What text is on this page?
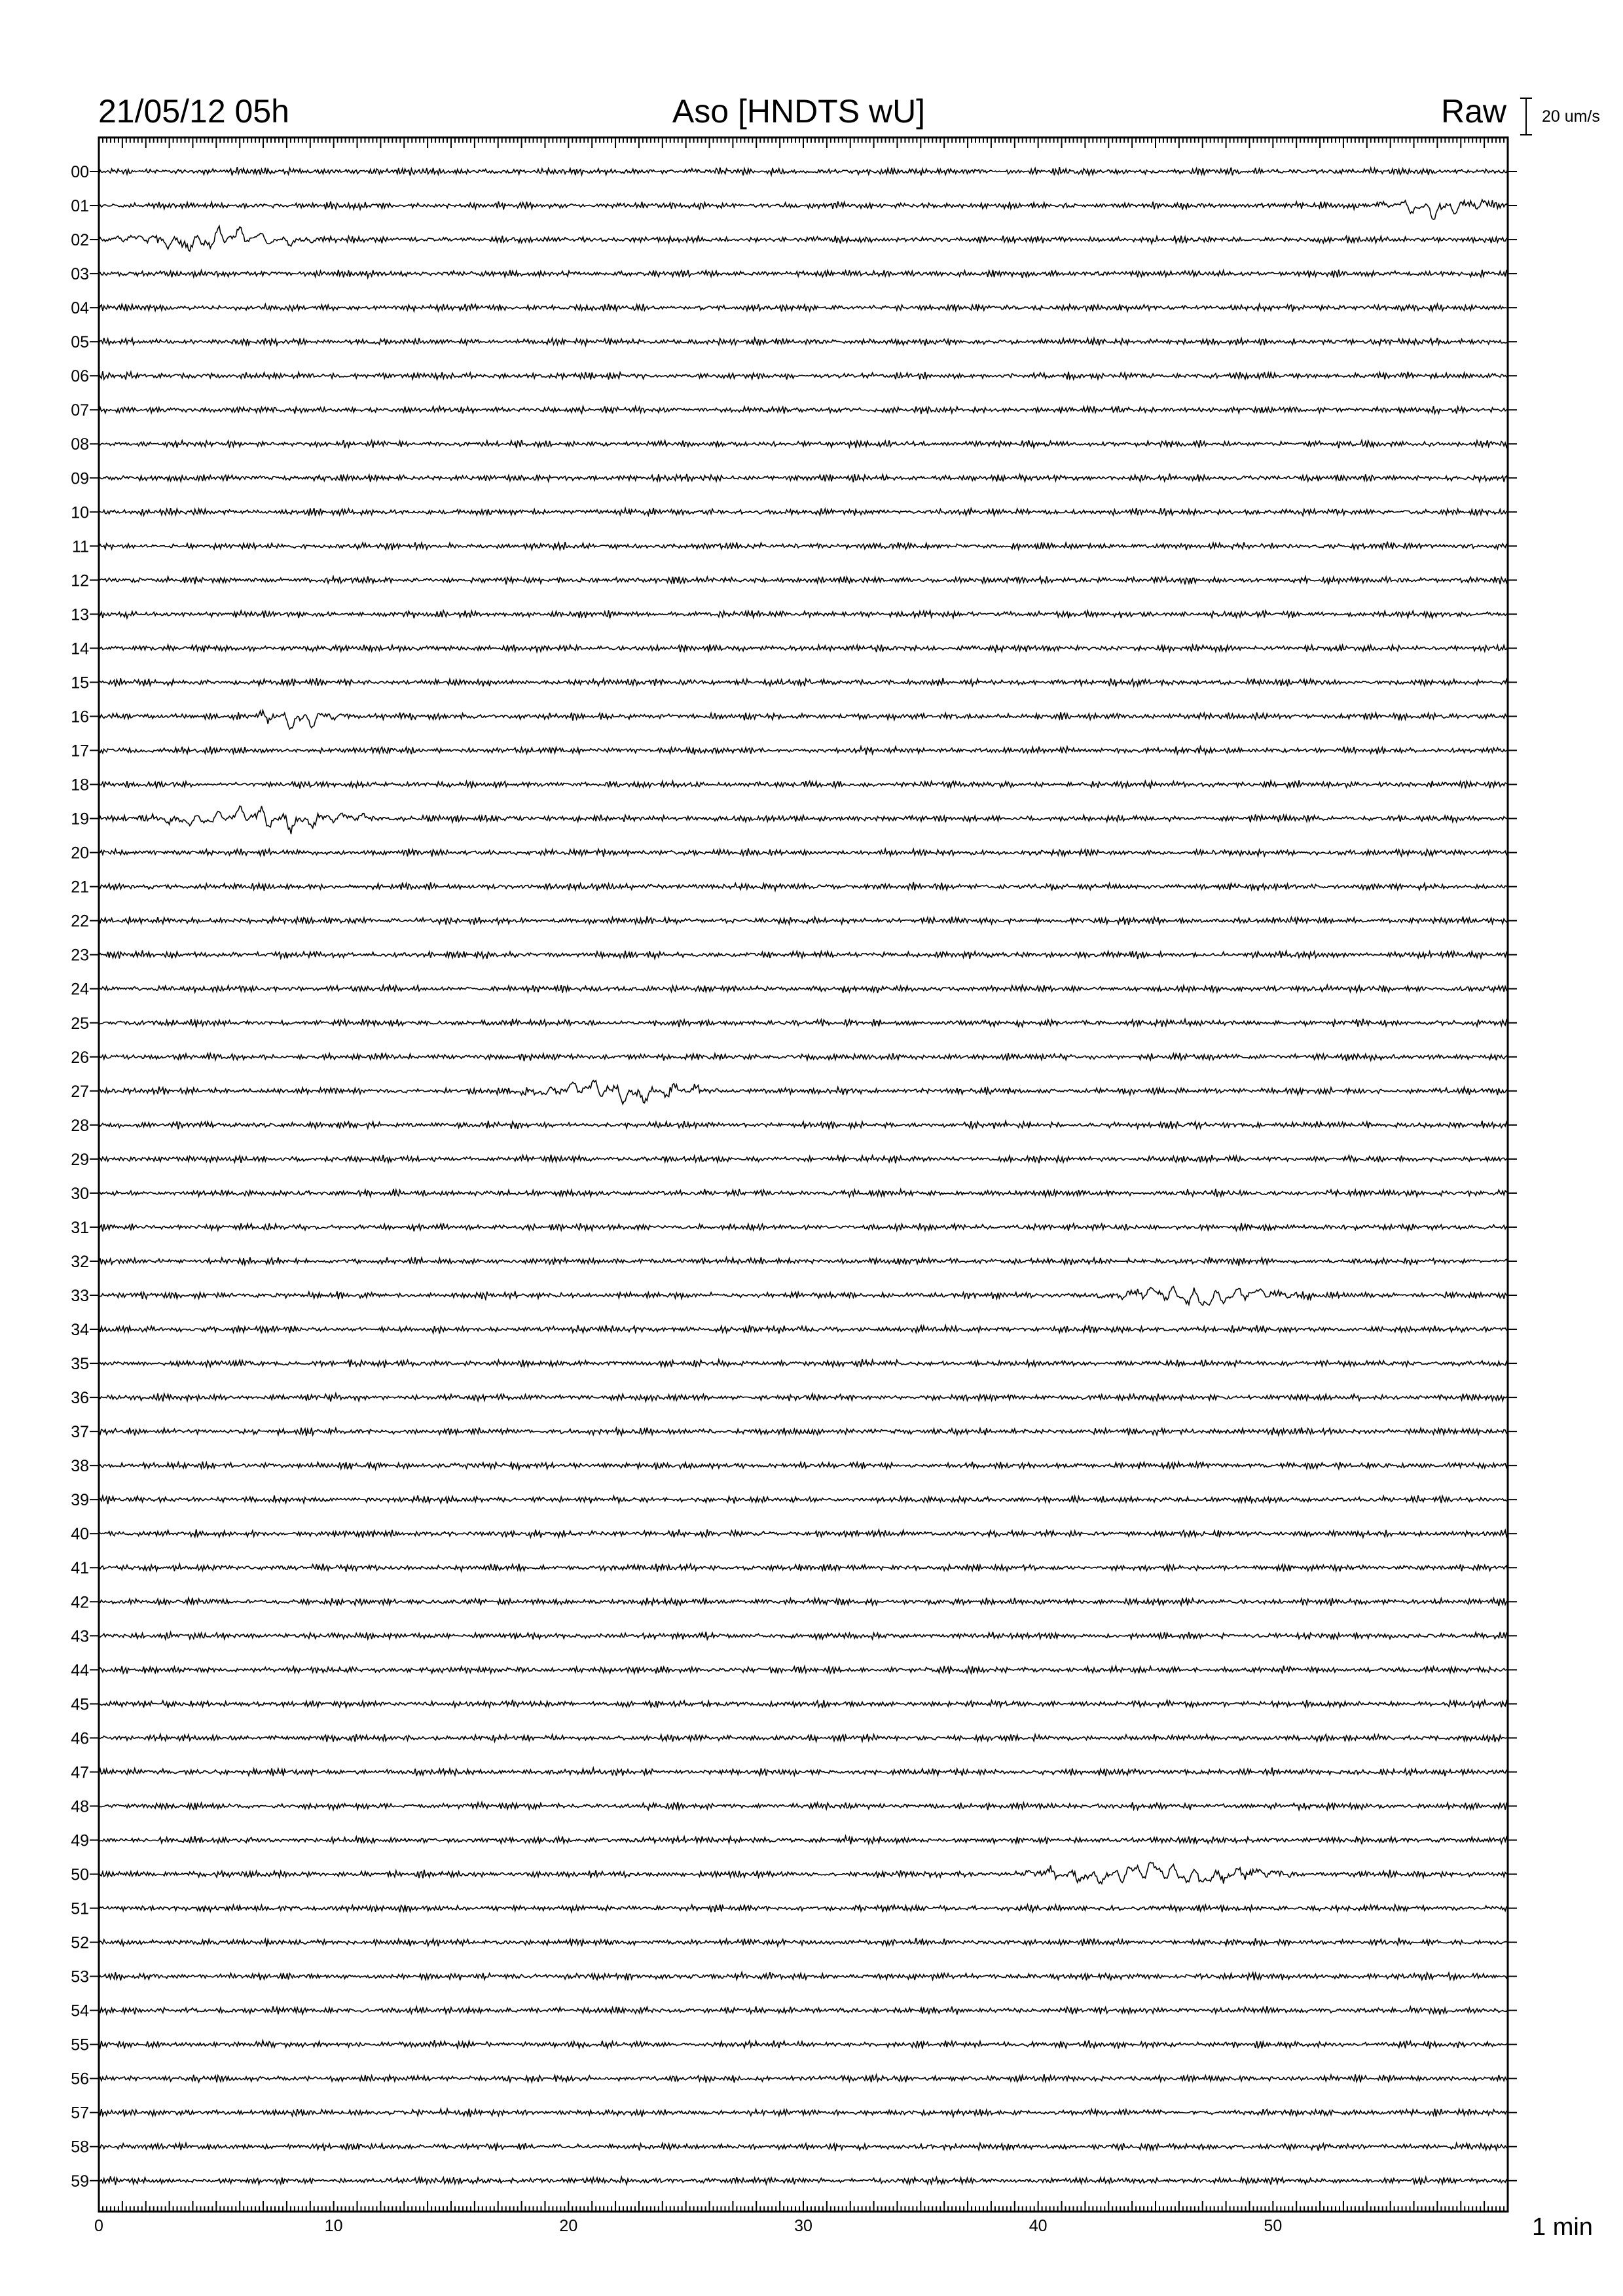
21/05/12 05h	Aso [HNDTS wU]	Raw 20 um/s
1 min
00
01
02
03
04
05
06
07
08
09
10
11
12
13
14
15
16
17
18
19
20
21
22
23
24
25
26
27
28
29
30
31
32
33
34
35
36
37
38
39
40
41
42
43
44
45
46
47
48
49
50
51
52
53
54
55
56
57
58
59
0	10	20	30	40	50
